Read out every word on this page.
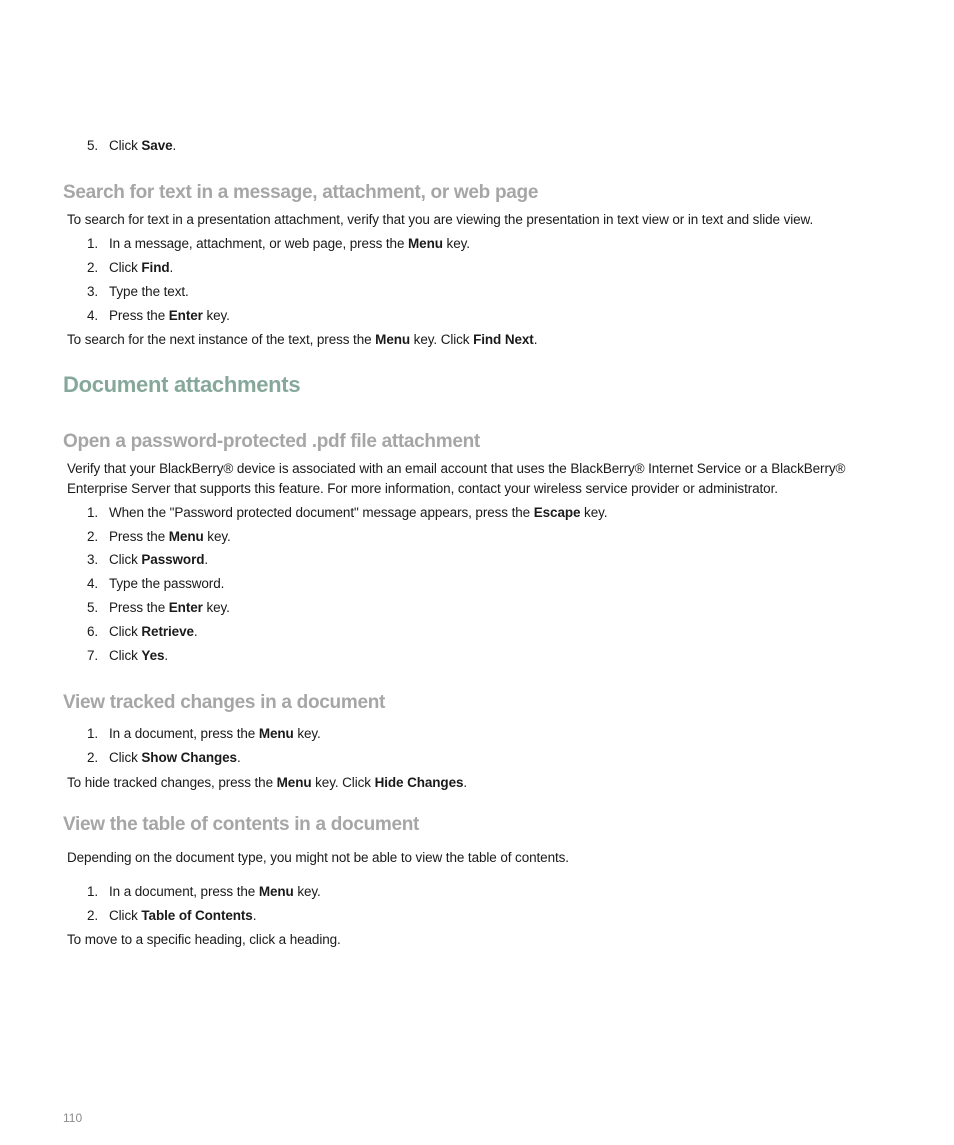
5. Click Save.
Search for text in a message, attachment, or web page
To search for text in a presentation attachment, verify that you are viewing the presentation in text view or in text and slide view.
1. In a message, attachment, or web page, press the Menu key.
2. Click Find.
3. Type the text.
4. Press the Enter key.
To search for the next instance of the text, press the Menu key. Click Find Next.
Document attachments
Open a password-protected .pdf file attachment
Verify that your BlackBerry® device is associated with an email account that uses the BlackBerry® Internet Service or a BlackBerry®
Enterprise Server that supports this feature. For more information, contact your wireless service provider or administrator.
1. When the "Password protected document" message appears, press the Escape key.
2. Press the Menu key.
3. Click Password.
4. Type the password.
5. Press the Enter key.
6. Click Retrieve.
7. Click Yes.
View tracked changes in a document
1. In a document, press the Menu key.
2. Click Show Changes.
To hide tracked changes, press the Menu key. Click Hide Changes.
View the table of contents in a document
Depending on the document type, you might not be able to view the table of contents.
1. In a document, press the Menu key.
2. Click Table of Contents.
To move to a specific heading, click a heading.
110
